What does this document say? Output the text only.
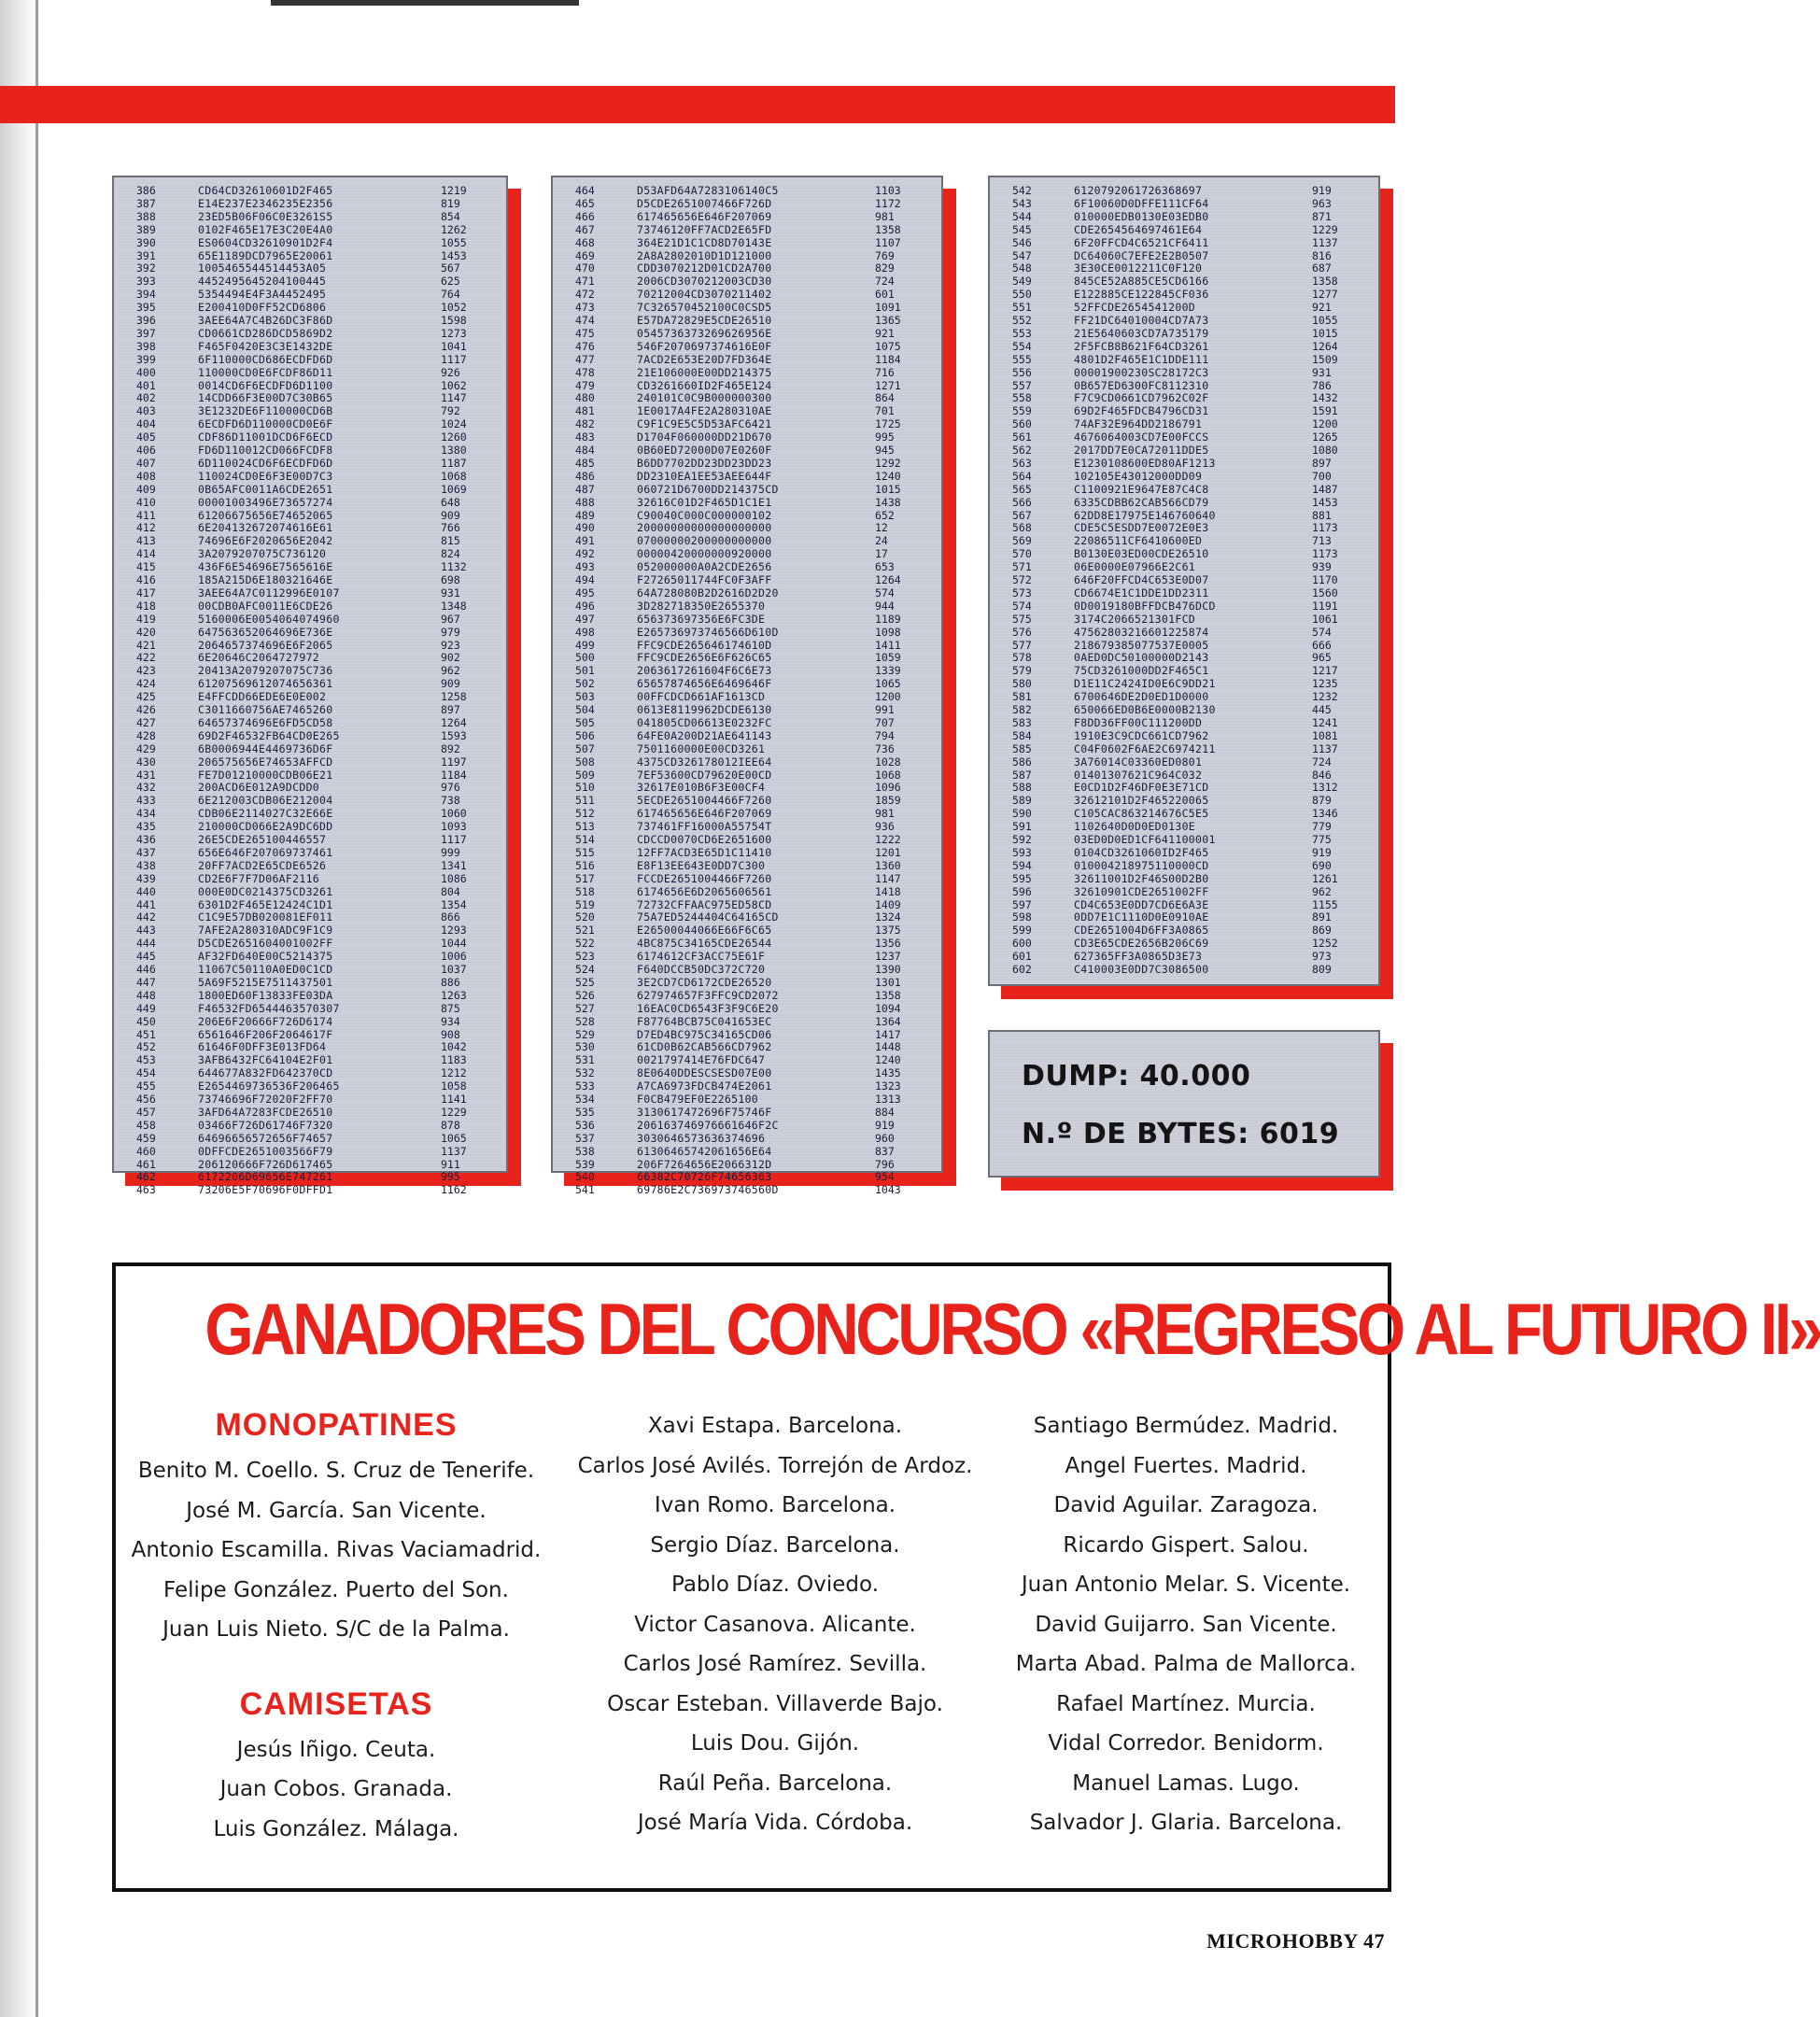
386	CD64CD32610601D2F465	1219
387	E14E237E2346235E2356	819
388	23ED5B06F06C0E3261S5	854
389	0102F465E17E3C20E4A0	1262
390	ES0604CD32610901D2F4	1055
391	65E1189DCD7965E20061	1453
392	1005465544514453A05	567
393	4452495645204100445	625
394	5354494E4F3A4452495	764
395	E200410D0FF52CD6806	1052
396	3AEE64A7C4B26DC3F86D	1598
397	CD0661CD286DCD5869D2	1273
398	F465F0420E3C3E1432DE	1041
399	6F110000CD686ECDFD6D	1117
400	110000CD0E6FCDF86D11	926
401	0014CD6F6ECDFD6D1100	1062
402	14CDD66F3E00D7C30B65	1147
403	3E1232DE6F110000CD6B	792
404	6ECDFD6D110000CD0E6F	1024
405	CDF86D11001DCD6F6ECD	1260
406	FD6D110012CD066FCDF8	1380
407	6D110024CD6F6ECDFD6D	1187
408	110024CD0E6F3E00D7C3	1068
409	0B65AFC0011A6CDE2651	1069
410	00001003496E73657274	648
411	61206675656E74652065	909
412	6E204132672074616E61	766
413	74696E6F2020656E2042	815
414	3A2079207075C736120	824
415	436F6E54696E7565616E	1132
416	185A215D6E180321646E	698
417	3AEE64A7C0112996E0107	931
418	00CDB0AFC0011E6CDE26	1348
419	5160006E0054064074960	967
420	647563652064696E736E	979
421	2064657374696E6F2065	923
422	6E20646C2064727972	902
423	20413A2079207075C736	962
424	61207569612074656361	909
425	E4FFCDD66EDE6E0E002	1258
426	C3011660756AE7465260	897
427	64657374696E6FD5CD58	1264
428	69D2F46532FB64CD0E265	1593
429	6B0006944E4469736D6F	892
430	206575656E74653AFFCD	1197
431	FE7D01210000CDB06E21	1184
432	200ACD6E012A9DCDD0	976
433	6E212003CDB06E212004	738
434	CDB06E2114027C32E66E	1060
435	210000CD066E2A9DC6DD	1093
436	26E5CDE265100446557	1117
437	656E646F207069737461	999
438	20FF7ACD2E65CDE6526	1341
439	CD2E6F7F7D06AF2116	1086
440	000E0DC0214375CD3261	804
441	6301D2F465E12424C1D1	1354
442	C1C9E57DB020081EF011	866
443	7AFE2A280310ADC9F1C9	1293
444	D5CDE2651604001002FF	1044
445	AF32FD640E00C5214375	1006
446	11067C50110A0ED0C1CD	1037
447	5A69F5215E7511437501	886
448	1800ED60F13833FE03DA	1263
449	F46532FD6544463570307	875
450	206E6F20666F726D6174	934
451	6561646F206F2064617F	908
452	61646F0DFF3E013FD64	1042
453	3AFB6432FC64104E2F01	1183
454	644677A832FD642370CD	1212
455	E2654469736536F206465	1058
456	73746696F72020F2FF70	1141
457	3AFD64A7283FCDE26510	1229
458	03466F726D61746F7320	878
459	64696656572656F74657	1065
460	0DFFCDE2651003566F79	1137
461	206120666F726D617465	911
462	6172206D69656E747261	995
463	73206E5F70696F0DFFD1	1162
464	D53AFD64A7283106140C5	1103
465	D5CDE2651007466F726D	1172
466	617465656E646F207069	981
467	73746120FF7ACD2E65FD	1358
468	364E21D1C1CD8D70143E	1107
469	2A8A2802010D1D121000	769
470	CDD3070212D01CD2A700	829
471	2006CD3070212003CD30	724
472	70212004CD3070211402	601
473	7C326570452100C0CSD5	1091
474	E57DA72829E5CDE26510	1365
475	0545736373269626956E	921
476	546F2070697374616E0F	1075
477	7ACD2E653E20D7FD364E	1184
478	21E106000E00DD214375	716
479	CD3261660ID2F465E124	1271
480	240101C0C9B000000300	864
481	1E0017A4FE2A280310AE	701
482	C9F1C9E5C5D53AFC6421	1725
483	D1704F060000DD21D670	995
484	0B60ED72000D07E0260F	945
485	B6DD7702DD23DD23DD23	1292
486	DD2310EA1EE53AEE644F	1240
487	060721D6700DD214375CD	1015
488	32616C01D2F465D1C1E1	1438
489	C90040C000C000000102	652
490	20000000000000000000	12
491	07000000200000000000	24
492	00000420000000920000	17
493	052000000A0A2CDE2656	653
494	F27265011744FC0F3AFF	1264
495	64A728080B2D2616D2D20	574
496	3D282718350E2655370	944
497	656373697356E6FC3DE	1189
498	E265736973746566D610D	1098
499	FFC9CDE265646174610D	1411
500	FFC9CDE2656E6F626C65	1059
501	2063617261604F6C6E73	1339
502	65657874656E6469646F	1065
503	00FFCDCD661AF1613CD	1200
504	0613E8119962DCDE6130	991
505	041805CD06613E0232FC	707
506	64FE0A200D21AE641143	794
507	7501160000E00CD3261	736
508	4375CD326178012IEE64	1028
509	7EF53600CD79620E00CD	1068
510	32617E010B6F3E00CF4	1096
511	5ECDE2651004466F7260	1859
512	617465656E646F207069	981
513	737461FF16000A55754T	936
514	CDCCD0070CD6E2651600	1222
515	12FF7ACD3E65D1C11410	1201
516	E8F13EE643E0DD7C300	1360
517	FCCDE2651004466F7260	1147
518	6174656E6D2065606561	1418
519	72732CFFAAC975ED58CD	1409
520	75A7ED5244404C64165CD	1324
521	E26500044066E66F6C65	1375
522	4BC875C34165CDE26544	1356
523	6174612CF3ACC75E61F	1237
524	F640DCCB50DC372C720	1390
525	3E2CD7CD6172CDE26520	1301
526	627974657F3FFC9CD2072	1358
527	16EAC0CD6543F3F9C6E20	1094
528	F87764BCB75C041653EC	1364
529	D7ED4BC975C34165CD06	1417
530	61CD0B62CAB566CD7962	1448
531	0021797414E76FDC647	1240
532	8E0640DDESCSESD07E00	1435
533	A7CA6973FDCB474E2061	1323
534	F0CB479EF0E2265100	1313
535	3130617472696F75746F	884
536	206163746976661646F2C	919
537	3030646573636374696	960
538	61306465742061656E64	837
539	206F7264656E2066312D	796
540	66382C70726F74656363	954
541	69786E2C736973746560D	1043
542	6120792061726368697	919
543	6F10060D0DFFE111CF64	963
544	010000EDB0130E03EDB0	871
545	CDE2654564697461E64	1229
546	6F20FFCD4C6521CF6411	1137
547	DC64060C7EFE2E2B0507	816
548	3E30CE0012211C0F120	687
549	845CE52A885CE5CD6166	1358
550	E122885CE122845CF036	1277
551	52FFCDE2654541200D	921
552	FF21DC64010004CD7A73	1055
553	21E5640603CD7A735179	1015
554	2F5FCB8B621F64CD3261	1264
555	4801D2F465E1C1DDE111	1509
556	00001900230SC28172C3	931
557	0B657ED6300FC8112310	786
558	F7C9CD0661CD7962C02F	1432
559	69D2F465FDCB4796CD31	1591
560	74AF32E964DD2186791	1200
561	4676064003CD7E00FCCS	1265
562	2017DD7E0CA72011DDE5	1080
563	E1230108600ED80AF1213	897
564	102105E43012000DD09	700
565	C1100921E9647E87C4C8	1487
566	6335CDBB62CAB566CD79	1453
567	62DD8E17975E146760640	881
568	CDE5C5ESDD7E0072E0E3	1173
569	22086511CF6410600ED	713
570	B0130E03ED00CDE26510	1173
571	06E0000E07966E2C61	939
572	646F20FFCD4C653E0D07	1170
573	CD6674E1C1DDE1DD2311	1560
574	0D0019180BFFDCB476DCD	1191
575	3174C2066521301FCD	1061
576	47562803216601225874	574
577	218679385077537E0005	666
578	0AED0DC50100000D2143	965
579	75CD3261000DD2F465C1	1217
580	D1E11C2424ID0E6C9DD21	1235
581	6700646DE2D0ED1D0000	1232
582	650066ED0B6E0000B2130	445
583	F8DD36FF00C111200DD	1241
584	1910E3C9CDC661CD7962	1081
585	C04F0602F6AE2C6974211	1137
586	3A76014C03360ED0801	724
587	01401307621C964C032	846
588	E0CD1D2F46DF0E3E71CD	1312
589	32612101D2F465220065	879
590	C105CAC863214676C5E5	1346
591	1102640D0D0ED0130E	779
592	03ED0D0ED1CF641100001	775
593	0104CD3261060ID2F465	919
594	010004218975110000CD	690
595	32611001D2F46S00D2B0	1261
596	32610901CDE2651002FF	962
597	CD4C653E0DD7CD6E6A3E	1155
598	0DD7E1C1110D0E0910AE	891
599	CDE2651004D6FF3A0865	869
600	CD3E65CDE2656B206C69	1252
601	627365FF3A0865D3E73	973
602	C410003E0DD7C3086500	809
DUMP: 40.000
N.º DE BYTES: 6019
GANADORES DEL CONCURSO «REGRESO AL FUTURO II»
MONOPATINES
Benito M. Coello. S. Cruz de Tenerife.
José M. García. San Vicente.
Antonio Escamilla. Rivas Vaciamadrid.
Felipe González. Puerto del Son.
Juan Luis Nieto. S/C de la Palma.
CAMISETAS
Jesús Iñigo. Ceuta.
Juan Cobos. Granada.
Luis González. Málaga.
Xavi Estapa. Barcelona.
Carlos José Avilés. Torrejón de Ardoz.
Ivan Romo. Barcelona.
Sergio Díaz. Barcelona.
Pablo Díaz. Oviedo.
Victor Casanova. Alicante.
Carlos José Ramírez. Sevilla.
Oscar Esteban. Villaverde Bajo.
Luis Dou. Gijón.
Raúl Peña. Barcelona.
José María Vida. Córdoba.
Santiago Bermúdez. Madrid.
Angel Fuertes. Madrid.
David Aguilar. Zaragoza.
Ricardo Gispert. Salou.
Juan Antonio Melar. S. Vicente.
David Guijarro. San Vicente.
Marta Abad. Palma de Mallorca.
Rafael Martínez. Murcia.
Vidal Corredor. Benidorm.
Manuel Lamas. Lugo.
Salvador J. Glaria. Barcelona.
MICROHOBBY 47
